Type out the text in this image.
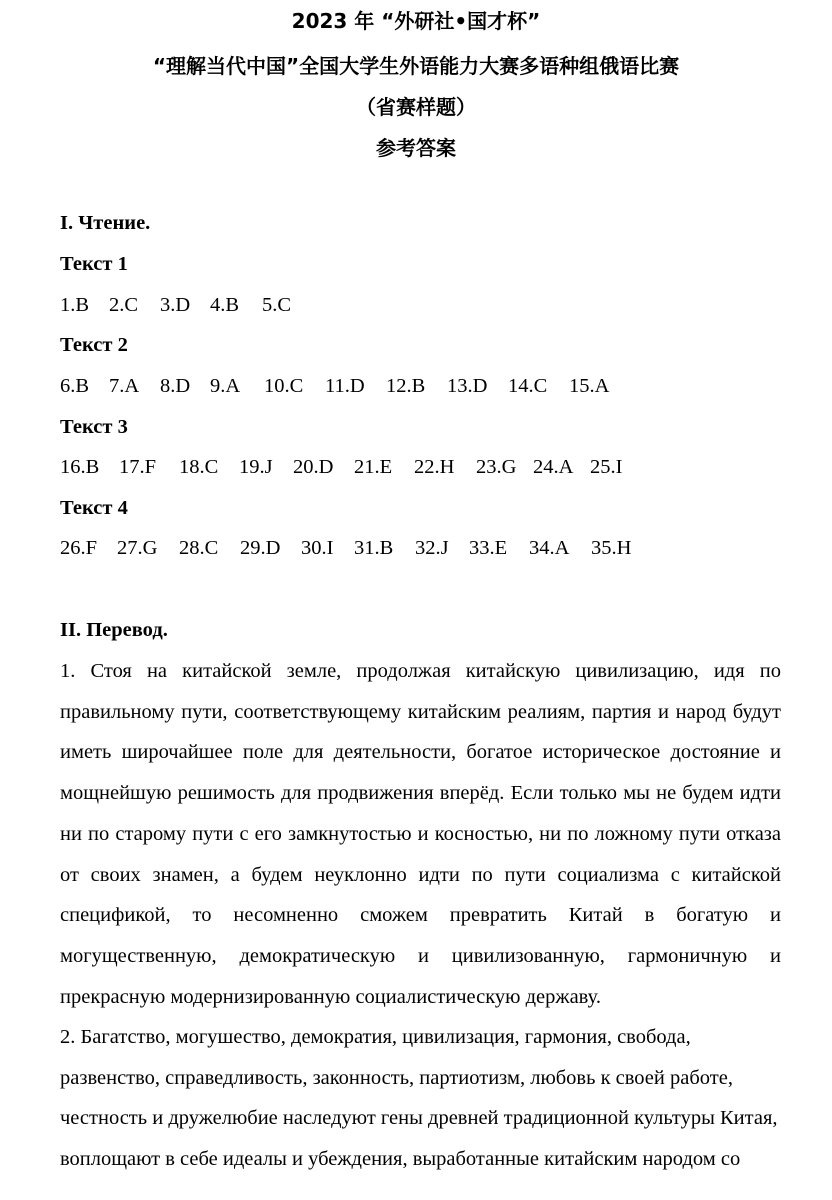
2023 年 “外研社•国才杯”
“理解当代中国”全国大学生外语能力大赛多语种组俄语比赛
（省赛样题）
参考答案
I. Чтение.
Текст 1
1.B 2.C 3.D 4.B 5.C
Текст 2
6.B 7.A 8.D 9.A 10.C 11.D 12.B 13.D 14.C 15.A
Текст 3
16.B 17.F 18.C 19.J 20.D 21.E 22.H 23.G 24.A 25.I
Текст 4
26.F 27.G 28.C 29.D 30.I 31.B 32.J 33.E 34.A 35.H
II. Перевод.

1. Стоя на китайской земле, продолжая китайскую цивилизацию, идя по правильному пути, соответствующему китайским реалиям, партия и народ будут иметь широчайшее поле для деятельности, богатое историческое достояние и мощнейшую решимость для продвижения вперёд. Если только мы не будем идти ни по старому пути с его замкнутостью и косностью, ни по ложному пути отказа от своих знамен, а будем неуклонно идти по пути социализма с китайской спецификой, то несомненно сможем превратить Китай в богатую и могущественную, демократическую и цивилизованную, гармоничную и прекрасную модернизированную социалистическую державу.

2. Багатство, могушество, демократия, цивилизация, гармония, свобода, развенство, справедливость, законность, партиотизм, любовь к своей работе, честность и дружелюбие наследуют гены древней традиционной культуры Китая, воплощают в себе идеалы и убеждения, выработанные китайским народом со
